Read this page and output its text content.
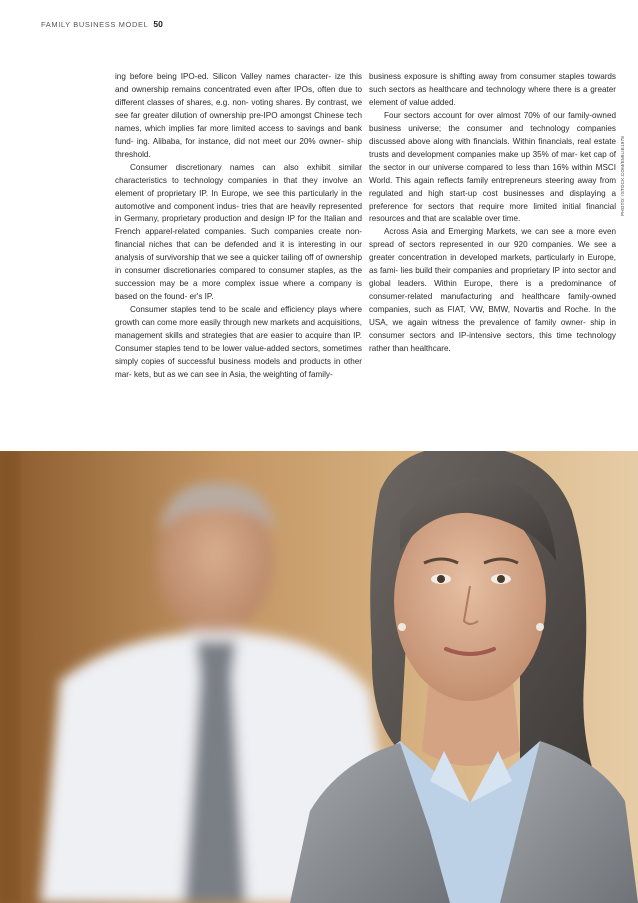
FAMILY BUSINESS MODEL 50

ing before being IPO-ed. Silicon Valley names character- ize this and ownership remains concentrated even after IPOs, often due to different classes of shares, e.g. non- voting shares. By contrast, we see far greater dilution of ownership pre-IPO amongst Chinese tech names, which implies far more limited access to savings and bank fund- ing. Alibaba, for instance, did not meet our 20% owner- ship threshold.

Consumer discretionary names can also exhibit similar characteristics to technology companies in that they involve an element of proprietary IP. In Europe, we see this particularly in the automotive and component indus- tries that are heavily represented in Germany, proprietary production and design IP for the Italian and French apparel-related companies. Such companies create non- financial niches that can be defended and it is interesting in our analysis of survivorship that we see a quicker tailing off of ownership in consumer discretionaries compared to consumer staples, as the succession may be a more complex issue where a company is based on the found- er's IP.

Consumer staples tend to be scale and efficiency plays where growth can come more easily through new markets and acquisitions, management skills and strategies that are easier to acquire than IP. Consumer staples tend to be lower value-added sectors, sometimes simply copies of successful business models and products in other mar- kets, but as we can see in Asia, the weighting of family-

business exposure is shifting away from consumer staples towards such sectors as healthcare and technology where there is a greater element of value added.

Four sectors account for over almost 70% of our family-owned business universe; the consumer and technology companies discussed above along with financials. Within financials, real estate trusts and development companies make up 35% of mar- ket cap of the sector in our universe compared to less than 16% within MSCI World. This again reflects family entrepreneurs steering away from regulated and high start-up cost businesses and displaying a preference for sectors that require more limited initial financial resources and that are scalable over time.

Across Asia and Emerging Markets, we can see a more even spread of sectors represented in our 920 companies. We see a greater concentration in developed markets, particularly in Europe, as fami- lies build their companies and proprietary IP into sector and global leaders. Within Europe, there is a predominance of consumer-related manufacturing and healthcare family-owned companies, such as FIAT, VW, BMW, Novartis and Roche. In the USA, we again witness the prevalence of family owner- ship in consumer sectors and IP-intensive sectors, this time technology rather than healthcare.

PHOTO: ISTOCK.COM/EMILIE1978
